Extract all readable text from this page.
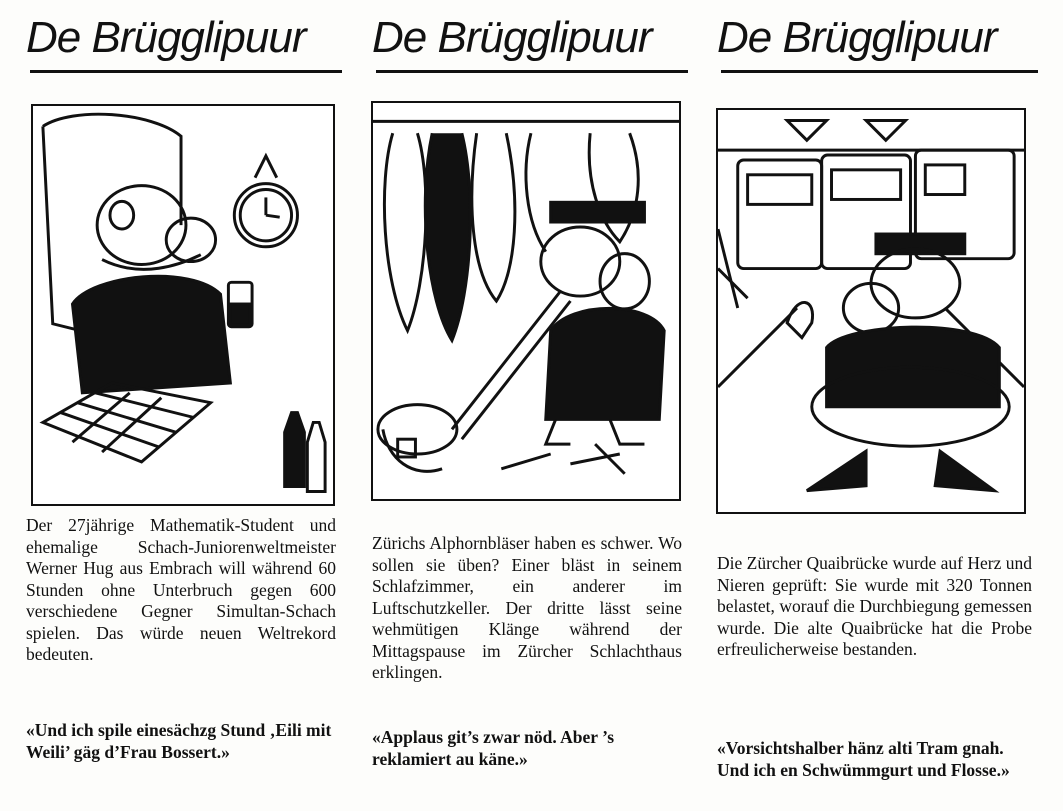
De Brügglipuur

Der 27jährige Mathematik-Student und ehemalige Schach-Juniorenweltmeister Werner Hug aus Embrach will während 60 Stunden ohne Unterbruch gegen 600 verschiedene Gegner Simultan-Schach spielen. Das würde neuen Weltrekord bedeuten.

«Und ich spile einesächzg Stund ‚Eili mit Weili’ gäg d’Frau Bossert.»

De Brügglipuur

Zürichs Alphornbläser haben es schwer. Wo sollen sie üben? Einer bläst in seinem Schlafzimmer, ein anderer im Luftschutzkeller. Der dritte lässt seine wehmütigen Klänge während der Mittagspause im Zürcher Schlachthaus erklingen.

«Applaus git’s zwar nöd. Aber ’s reklamiert au käne.»

De Brügglipuur

Die Zürcher Quaibrücke wurde auf Herz und Nieren geprüft: Sie wurde mit 320 Tonnen belastet, worauf die Durchbiegung gemessen wurde. Die alte Quaibrücke hat die Probe erfreulicherweise bestanden.

«Vorsichtshalber hänz alti Tram gnah. Und ich en Schwümmgurt und Flosse.»
